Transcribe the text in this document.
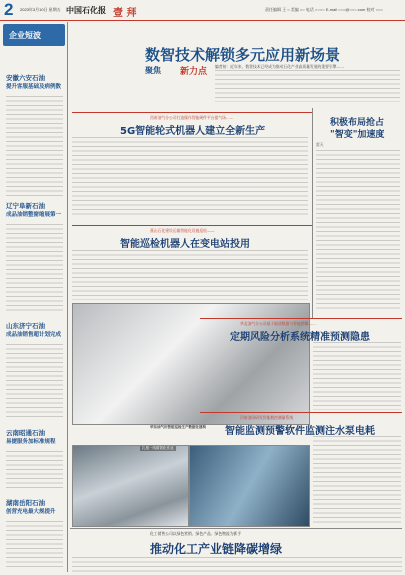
2 2023年3月10日 星期五 中国石化报 壹 拜	责任编辑 王 ○ 美编 ○○ 电话 ○○○○ E-mail ○○○@○○○.com 校对 ○○○
企业短波
安徽六安石油
提升客服基础及病例数
辽宁阜新石油
成品油销整窗缩展第一
山东济宁石油
成品油销售超计划完成
云南昭通石油
易捷服务加标准规程
湖南岳阳石油
创营充电最大规提升
数智技术解锁多元应用新场景
聚焦 新力点
编者按：近年来，数智技术已经成为推动石化产业高质量发展的重要引擎……
西南油气分公司打造操作智能硬件平台提气场……
5G智能轮式机器人建立全新生产
燕山石化建设运输智能化设施巡检——
智能巡检机器人在变电站投用
华东油气田智能巡检生产数据化建构
扎根一线数智化作业
积极布局抢占
"智变"加速度
雷天
华北油气分公司基于地质数据与智能图像……
定期风险分析系统精准预测隐患
河南油田研发智能数控测量系统
智能监测预警软件监测注水泵电耗
化工销售公司以绿色营销、绿色产品、绿色物流为抓手
推动化工产业链降碳增绿
